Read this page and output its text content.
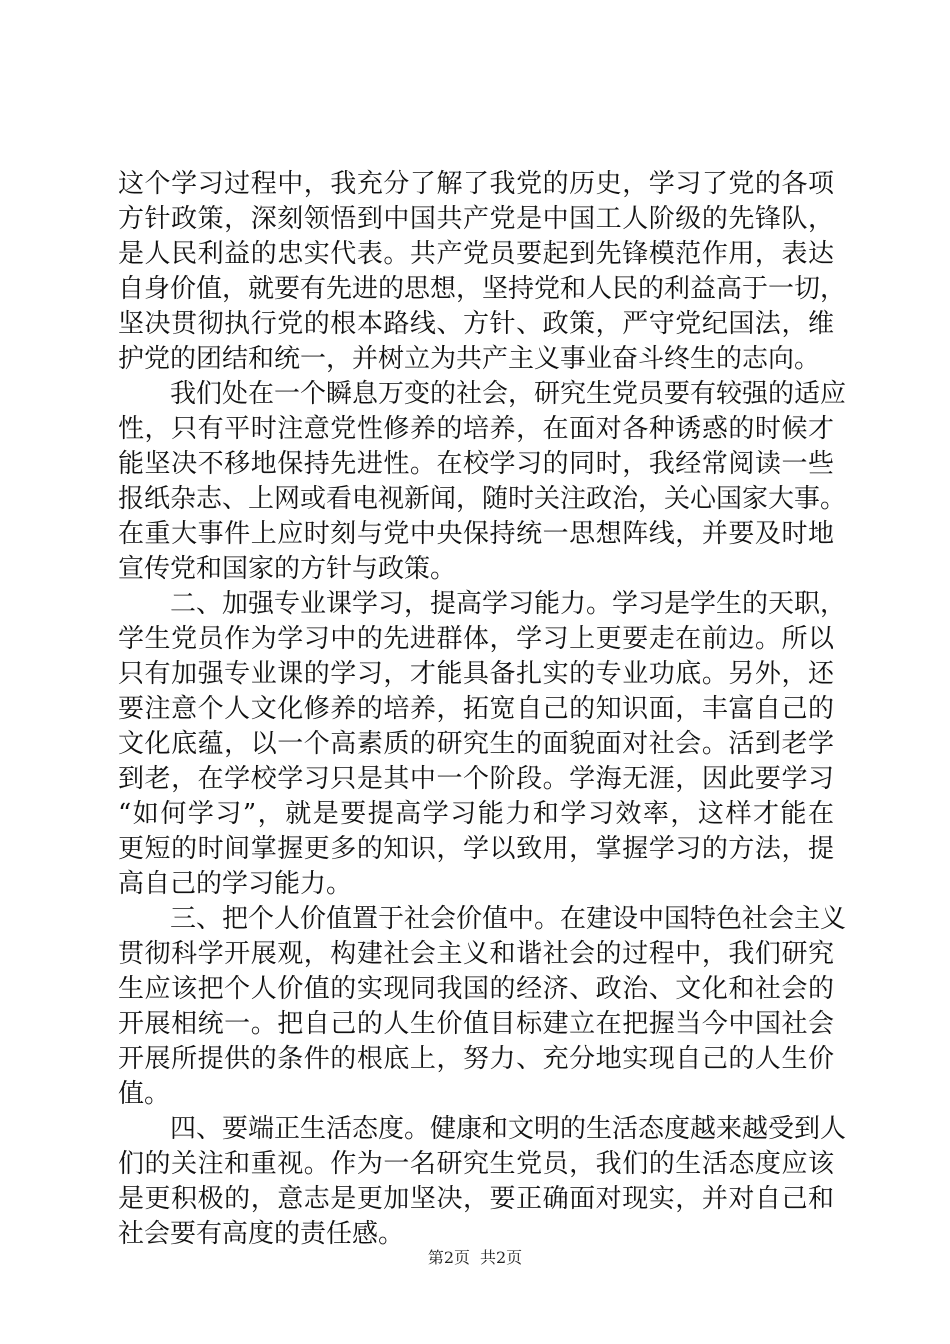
这个学习过程中，我充分了解了我党的历史，学习了党的各项
方针政策，深刻领悟到中国共产党是中国工人阶级的先锋队，
是人民利益的忠实代表。共产党员要起到先锋模范作用，表达
自身价值，就要有先进的思想，坚持党和人民的利益高于一切，
坚决贯彻执行党的根本路线、方针、政策，严守党纪国法，维
护党的团结和统一，并树立为共产主义事业奋斗终生的志向。
　　我们处在一个瞬息万变的社会，研究生党员要有较强的适应
性，只有平时注意党性修养的培养，在面对各种诱惑的时候才
能坚决不移地保持先进性。在校学习的同时，我经常阅读一些
报纸杂志、上网或看电视新闻，随时关注政治，关心国家大事。
在重大事件上应时刻与党中央保持统一思想阵线，并要及时地
宣传党和国家的方针与政策。
　　二、加强专业课学习，提高学习能力。学习是学生的天职，
学生党员作为学习中的先进群体，学习上更要走在前边。所以
只有加强专业课的学习，才能具备扎实的专业功底。另外，还
要注意个人文化修养的培养，拓宽自己的知识面，丰富自己的
文化底蕴，以一个高素质的研究生的面貌面对社会。活到老学
到老，在学校学习只是其中一个阶段。学海无涯，因此要学习
“如何学习”，就是要提高学习能力和学习效率，这样才能在
更短的时间掌握更多的知识，学以致用，掌握学习的方法，提
高自己的学习能力。
　　三、把个人价值置于社会价值中。在建设中国特色社会主义
贯彻科学开展观，构建社会主义和谐社会的过程中，我们研究
生应该把个人价值的实现同我国的经济、政治、文化和社会的
开展相统一。把自己的人生价值目标建立在把握当今中国社会
开展所提供的条件的根底上，努力、充分地实现自己的人生价
值。
　　四、要端正生活态度。健康和文明的生活态度越来越受到人
们的关注和重视。作为一名研究生党员，我们的生活态度应该
是更积极的，意志是更加坚决，要正确面对现实，并对自己和
社会要有高度的责任感。
第2页 共2页
